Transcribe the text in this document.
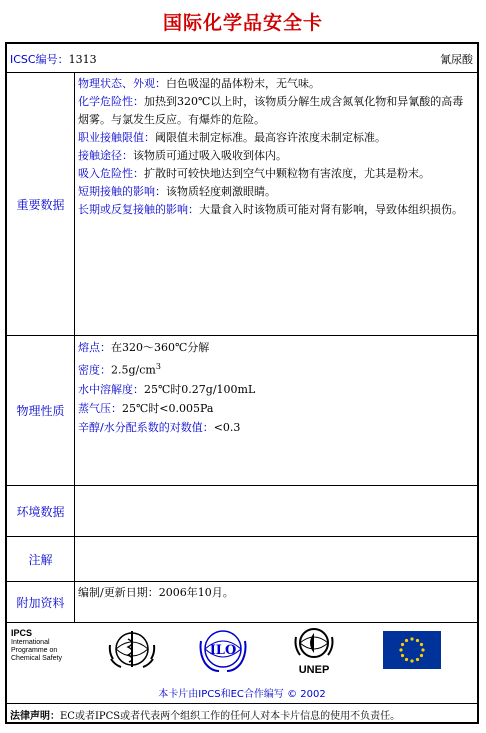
国际化学品安全卡
ICSC编号：1313	氰尿酸
重要数据

物理状态、外观：白色吸湿的晶体粉末，无气味。

化学危险性：加热到320℃以上时，该物质分解生成含氮氧化物和异氰酸的高毒烟雾。与氯发生反应。有爆炸的危险。

职业接触限值：阈限值未制定标准。最高容许浓度未制定标准。

接触途径：该物质可通过吸入吸收到体内。

吸入危险性：扩散时可较快地达到空气中颗粒物有害浓度，尤其是粉末。

短期接触的影响：该物质轻度刺激眼睛。

长期或反复接触的影响：大量食入时该物质可能对肾有影响，导致体组织损伤。

物理性质

熔点：在320～360℃分解

密度：$2.5g/cm^3$

水中溶解度：25℃时0.27g/100mL

蒸气压：25℃时<0.005Pa

辛醇/水分配系数的对数值：<0.3

环境数据
注解
附加资料

编制/更新日期：2006年10月。

IPCS
International
Programme on
Chemical Safety
ILO
UNEP
本卡片由IPCS和EC合作编写 © 2002
法律声明：EC或者IPCS或者代表两个组织工作的任何人对本卡片信息的使用不负责任。
